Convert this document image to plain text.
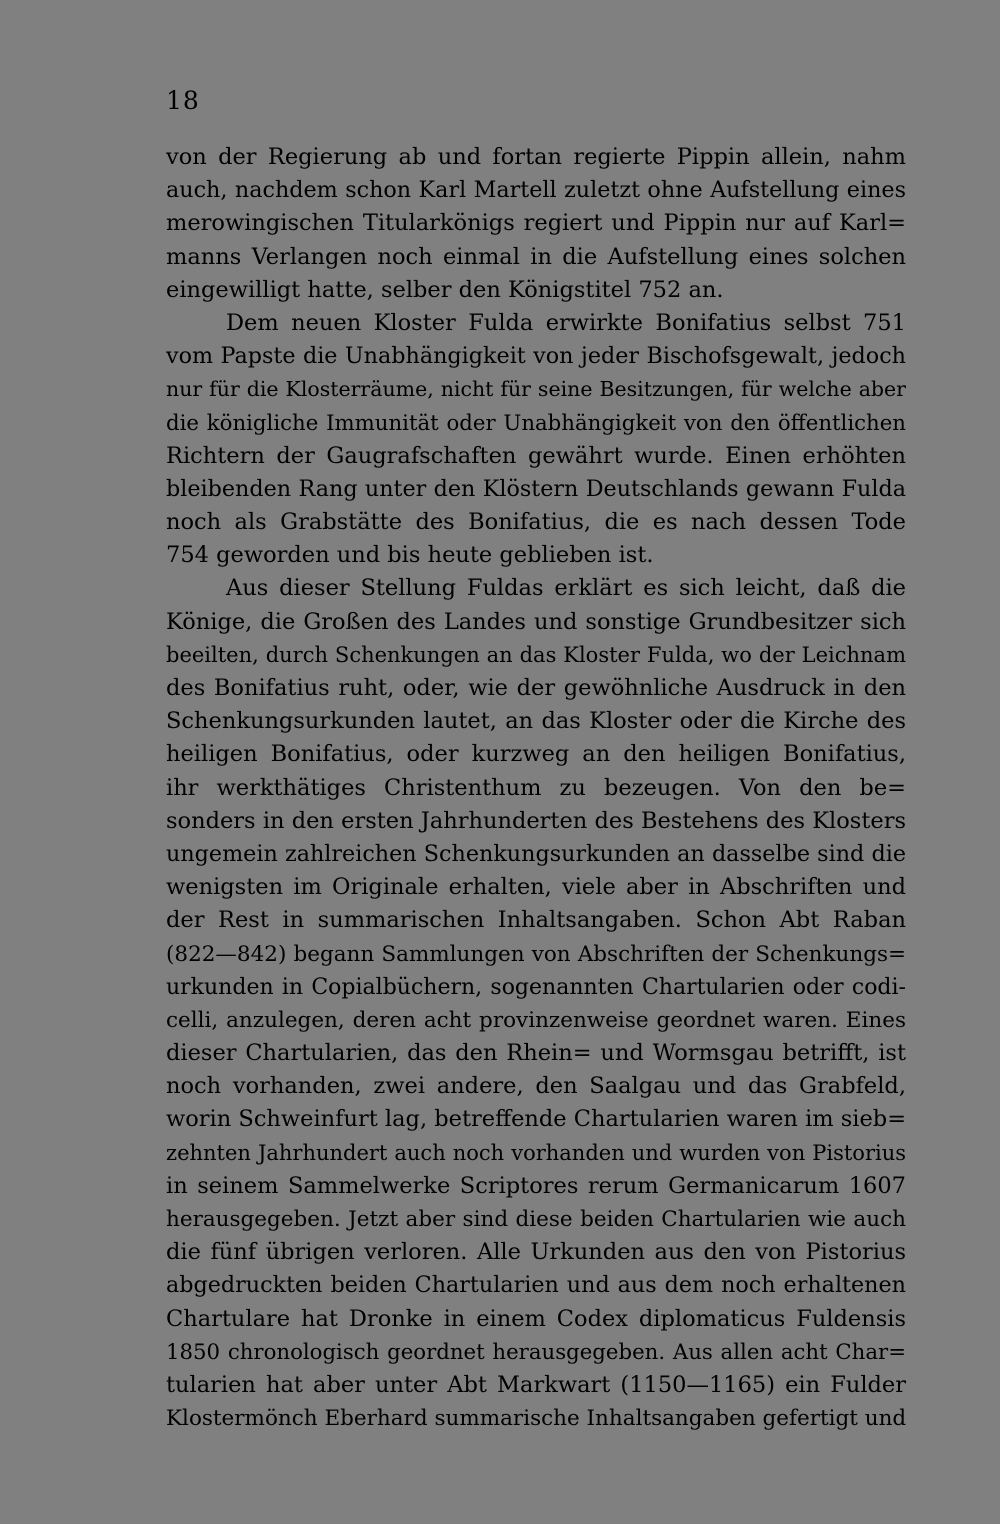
18
von der Regierung ab und fortan regierte Pippin allein, nahm
auch, nachdem schon Karl Martell zuletzt ohne Aufstellung eines
merowingischen Titularkönigs regiert und Pippin nur auf Karl=
manns Verlangen noch einmal in die Aufstellung eines solchen
eingewilligt hatte, selber den Königstitel 752 an.
Dem neuen Kloster Fulda erwirkte Bonifatius selbst 751
vom Papste die Unabhängigkeit von jeder Bischofsgewalt, jedoch
nur für die Klosterräume, nicht für seine Besitzungen, für welche aber
die königliche Immunität oder Unabhängigkeit von den öffentlichen
Richtern der Gaugrafschaften gewährt wurde. Einen erhöhten
bleibenden Rang unter den Klöstern Deutschlands gewann Fulda
noch als Grabstätte des Bonifatius, die es nach dessen Tode
754 geworden und bis heute geblieben ist.
Aus dieser Stellung Fuldas erklärt es sich leicht, daß die
Könige, die Großen des Landes und sonstige Grundbesitzer sich
beeilten, durch Schenkungen an das Kloster Fulda, wo der Leichnam
des Bonifatius ruht, oder, wie der gewöhnliche Ausdruck in den
Schenkungsurkunden lautet, an das Kloster oder die Kirche des
heiligen Bonifatius, oder kurzweg an den heiligen Bonifatius,
ihr werkthätiges Christenthum zu bezeugen. Von den be=
sonders in den ersten Jahrhunderten des Bestehens des Klosters
ungemein zahlreichen Schenkungsurkunden an dasselbe sind die
wenigsten im Originale erhalten, viele aber in Abschriften und
der Rest in summarischen Inhaltsangaben. Schon Abt Raban
(822—842) begann Sammlungen von Abschriften der Schenkungs=
urkunden in Copialbüchern, sogenannten Chartularien oder codi-
celli, anzulegen, deren acht provinzenweise geordnet waren. Eines
dieser Chartularien, das den Rhein= und Wormsgau betrifft, ist
noch vorhanden, zwei andere, den Saalgau und das Grabfeld,
worin Schweinfurt lag, betreffende Chartularien waren im sieb=
zehnten Jahrhundert auch noch vorhanden und wurden von Pistorius
in seinem Sammelwerke Scriptores rerum Germanicarum 1607
herausgegeben. Jetzt aber sind diese beiden Chartularien wie auch
die fünf übrigen verloren. Alle Urkunden aus den von Pistorius
abgedruckten beiden Chartularien und aus dem noch erhaltenen
Chartulare hat Dronke in einem Codex diplomaticus Fuldensis
1850 chronologisch geordnet herausgegeben. Aus allen acht Char=
tularien hat aber unter Abt Markwart (1150—1165) ein Fulder
Klostermönch Eberhard summarische Inhaltsangaben gefertigt und
